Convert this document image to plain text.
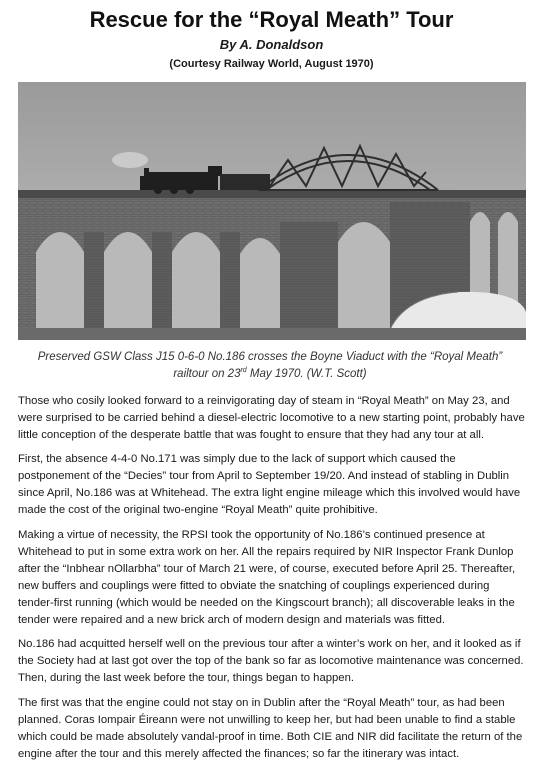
Rescue for the “Royal Meath” Tour
By A. Donaldson
(Courtesy Railway World, August 1970)
Preserved GSW Class J15 0-6-0 No.186 crosses the Boyne Viaduct with the “Royal Meath”
railtour on 23rd May 1970. (W.T. Scott)

Those who cosily looked forward to a reinvigorating day of steam in “Royal Meath” on May 23, and were surprised to be carried behind a diesel-electric locomotive to a new starting point, probably have little conception of the desperate battle that was fought to ensure that they had any tour at all.

First, the absence 4-4-0 No.171 was simply due to the lack of support which caused the postponement of the “Decies” tour from April to September 19/20. And instead of stabling in Dublin since April, No.186 was at Whitehead. The extra light engine mileage which this involved would have made the cost of the original two-engine “Royal Meath” quite prohibitive.

Making a virtue of necessity, the RPSI took the opportunity of No.186’s continued presence at Whitehead to put in some extra work on her. All the repairs required by NIR Inspector Frank Dunlop after the “Inbhear nOllarbha” tour of March 21 were, of course, executed before April 25. Thereafter, new buffers and couplings were fitted to obviate the snatching of couplings experienced during tender-first running (which would be needed on the Kingscourt branch); all discoverable leaks in the tender were repaired and a new brick arch of modern design and materials was fitted.

No.186 had acquitted herself well on the previous tour after a winter’s work on her, and it looked as if the Society had at last got over the top of the bank so far as locomotive maintenance was concerned. Then, during the last week before the tour, things began to happen.

The first was that the engine could not stay on in Dublin after the “Royal Meath” tour, as had been planned. Coras Iompair Éireann were not unwilling to keep her, but had been unable to find a stable which could be made absolutely vandal-proof in time. Both CIE and NIR did facilitate the return of the engine after the tour and this merely affected the finances; so far the itinerary was intact.
